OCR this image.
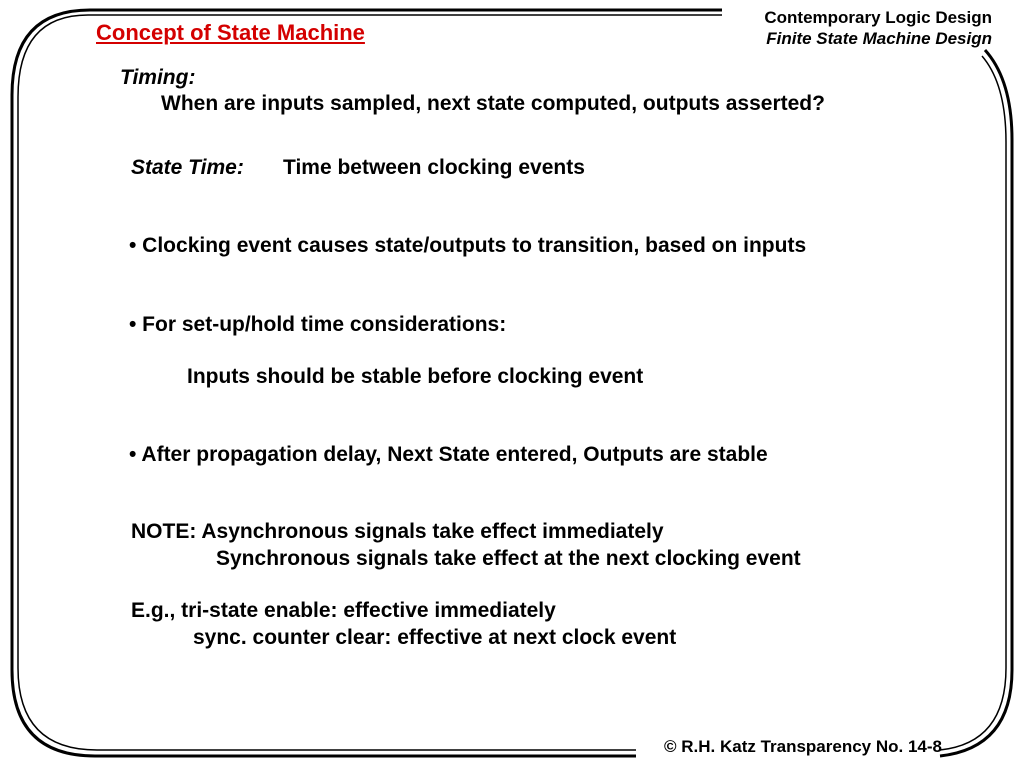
Concept of State Machine
Contemporary Logic Design
Finite State Machine Design
Timing:
When are inputs sampled, next state computed, outputs asserted?
State Time: Time between clocking events
• Clocking event causes state/outputs to transition, based on inputs
• For set-up/hold time considerations:
Inputs should be stable before clocking event
• After propagation delay, Next State entered, Outputs are stable
NOTE: Asynchronous signals take effect immediately
Synchronous signals take effect at the next clocking event
E.g., tri-state enable: effective immediately
sync. counter clear: effective at next clock event
© R.H. Katz Transparency No. 14-8
